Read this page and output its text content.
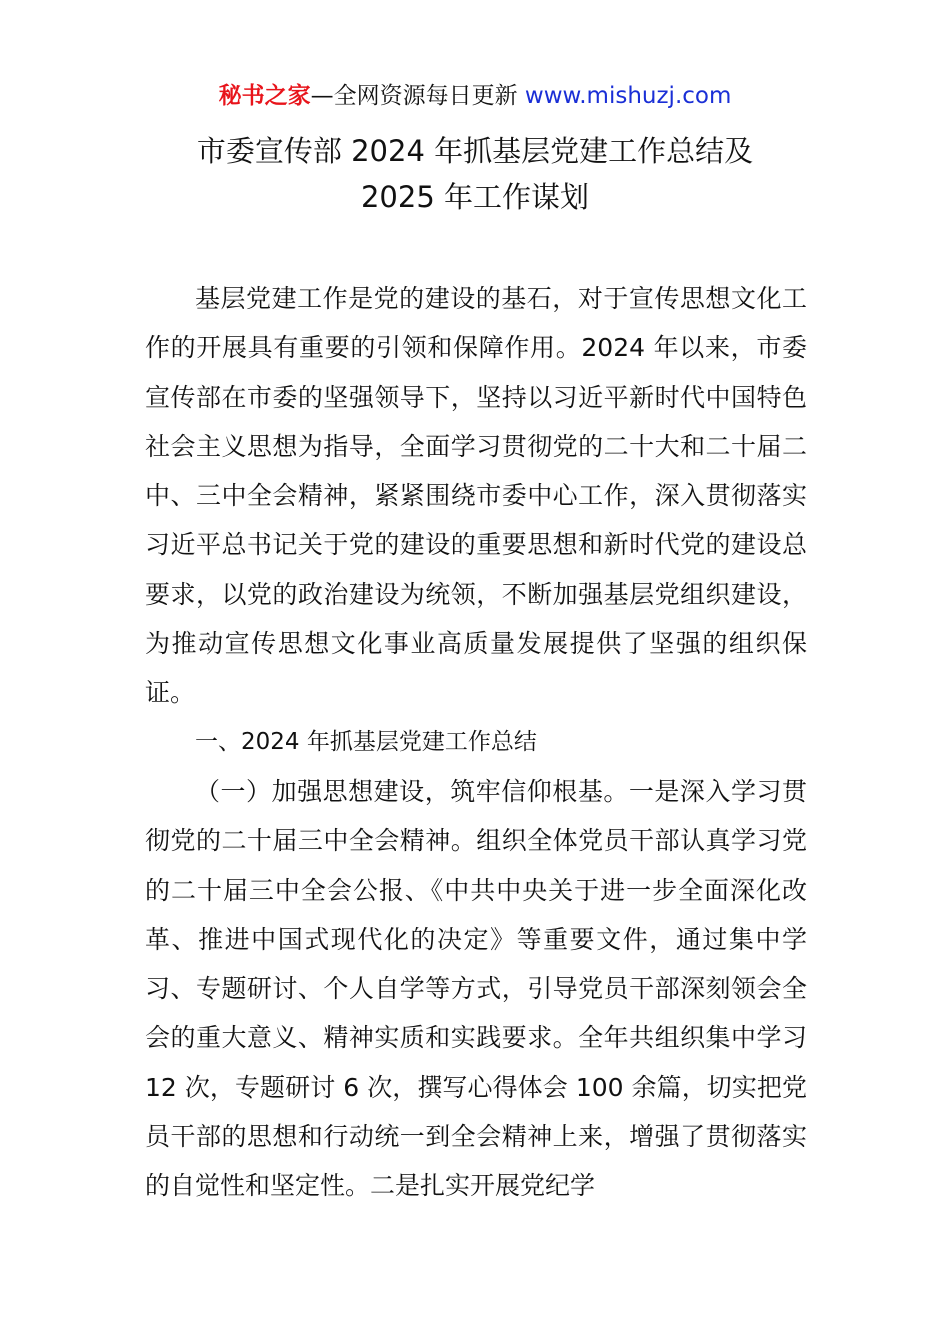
秘书之家—全网资源每日更新 www.mishuzj.com
市委宣传部 2024 年抓基层党建工作总结及
2025 年工作谋划

基层党建工作是党的建设的基石，对于宣传思想文化工作的开展具有重要的引领和保障作用。2024 年以来，市委宣传部在市委的坚强领导下，坚持以习近平新时代中国特色社会主义思想为指导，全面学习贯彻党的二十大和二十届二中、三中全会精神，紧紧围绕市委中心工作，深入贯彻落实习近平总书记关于党的建设的重要思想和新时代党的建设总要求，以党的政治建设为统领，不断加强基层党组织建设，为推动宣传思想文化事业高质量发展提供了坚强的组织保证。

一、2024 年抓基层党建工作总结

（一）加强思想建设，筑牢信仰根基。一是深入学习贯彻党的二十届三中全会精神。组织全体党员干部认真学习党的二十届三中全会公报、《中共中央关于进一步全面深化改革、推进中国式现代化的决定》等重要文件，通过集中学习、专题研讨、个人自学等方式，引导党员干部深刻领会全会的重大意义、精神实质和实践要求。全年共组织集中学习 12 次，专题研讨 6 次，撰写心得体会 100 余篇，切实把党员干部的思想和行动统一到全会精神上来，增强了贯彻落实的自觉性和坚定性。二是扎实开展党纪学
